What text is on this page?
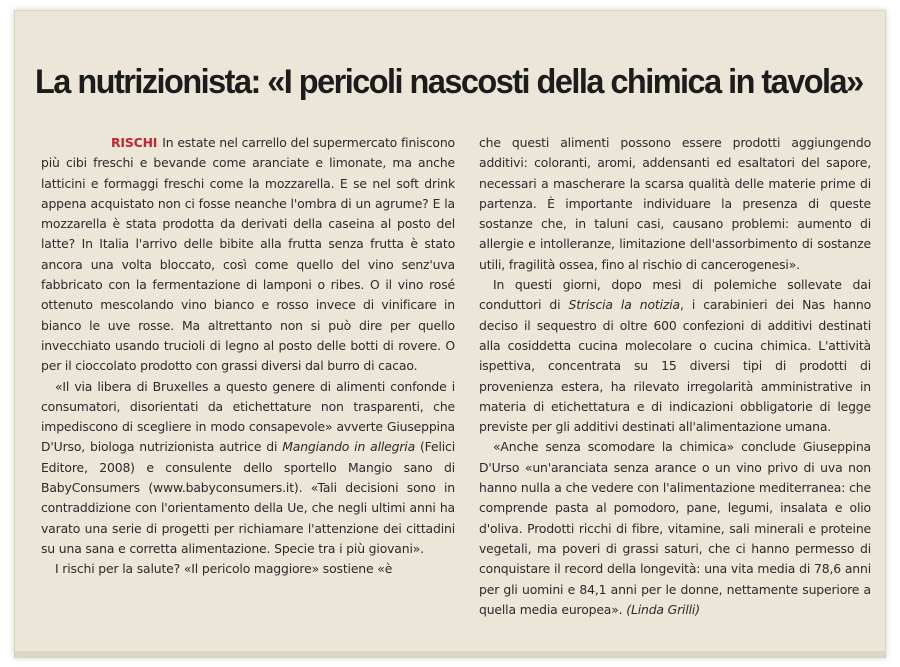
La nutrizionista: «I pericoli nascosti della chimica in tavola»

RISCHI In estate nel carrello del supermercato finiscono più cibi freschi e bevande come aranciate e limonate, ma anche latticini e formaggi freschi come la mozzarella. E se nel soft drink appena acquistato non ci fosse neanche l'ombra di un agrume? E la mozzarella è stata prodotta da derivati della caseina al posto del latte? In Italia l'arrivo delle bibite alla frutta senza frutta è stato ancora una volta bloccato, così come quello del vino senz'uva fabbricato con la fermentazione di lamponi o ribes. O il vino rosé ottenuto mescolando vino bianco e rosso invece di vinificare in bianco le uve rosse. Ma altrettanto non si può dire per quello invecchiato usando trucioli di legno al posto delle botti di rovere. O per il cioccolato prodotto con grassi diversi dal burro di cacao.

«Il via libera di Bruxelles a questo genere di alimenti confonde i consumatori, disorientati da etichettature non trasparenti, che impediscono di scegliere in modo consapevole» avverte Giuseppina D'Urso, biologa nutrizionista autrice di Mangiando in allegria (Felici Editore, 2008) e consulente dello sportello Mangio sano di BabyConsumers (www.babyconsumers.it). «Tali decisioni sono in contraddizione con l'orientamento della Ue, che negli ultimi anni ha varato una serie di progetti per richiamare l'attenzione dei cittadini su una sana e corretta alimentazione. Specie tra i più giovani».

I rischi per la salute? «Il pericolo maggiore» sostiene «è

che questi alimenti possono essere prodotti aggiungendo additivi: coloranti, aromi, addensanti ed esaltatori del sapore, necessari a mascherare la scarsa qualità delle materie prime di partenza. È importante individuare la presenza di queste sostanze che, in taluni casi, causano problemi: aumento di allergie e intolleranze, limitazione dell'assorbimento di sostanze utili, fragilità ossea, fino al rischio di cancerogenesi».

In questi giorni, dopo mesi di polemiche sollevate dai conduttori di Striscia la notizia, i carabinieri dei Nas hanno deciso il sequestro di oltre 600 confezioni di additivi destinati alla cosiddetta cucina molecolare o cucina chimica. L'attività ispettiva, concentrata su 15 diversi tipi di prodotti di provenienza estera, ha rilevato irregolarità amministrative in materia di etichettatura e di indicazioni obbligatorie di legge previste per gli additivi destinati all'alimentazione umana.

«Anche senza scomodare la chimica» conclude Giuseppina D'Urso «un'aranciata senza arance o un vino privo di uva non hanno nulla a che vedere con l'alimentazione mediterranea: che comprende pasta al pomodoro, pane, legumi, insalata e olio d'oliva. Prodotti ricchi di fibre, vitamine, sali minerali e proteine vegetali, ma poveri di grassi saturi, che ci hanno permesso di conquistare il record della longevità: una vita media di 78,6 anni per gli uomini e 84,1 anni per le donne, nettamente superiore a quella media europea». (Linda Grilli)
